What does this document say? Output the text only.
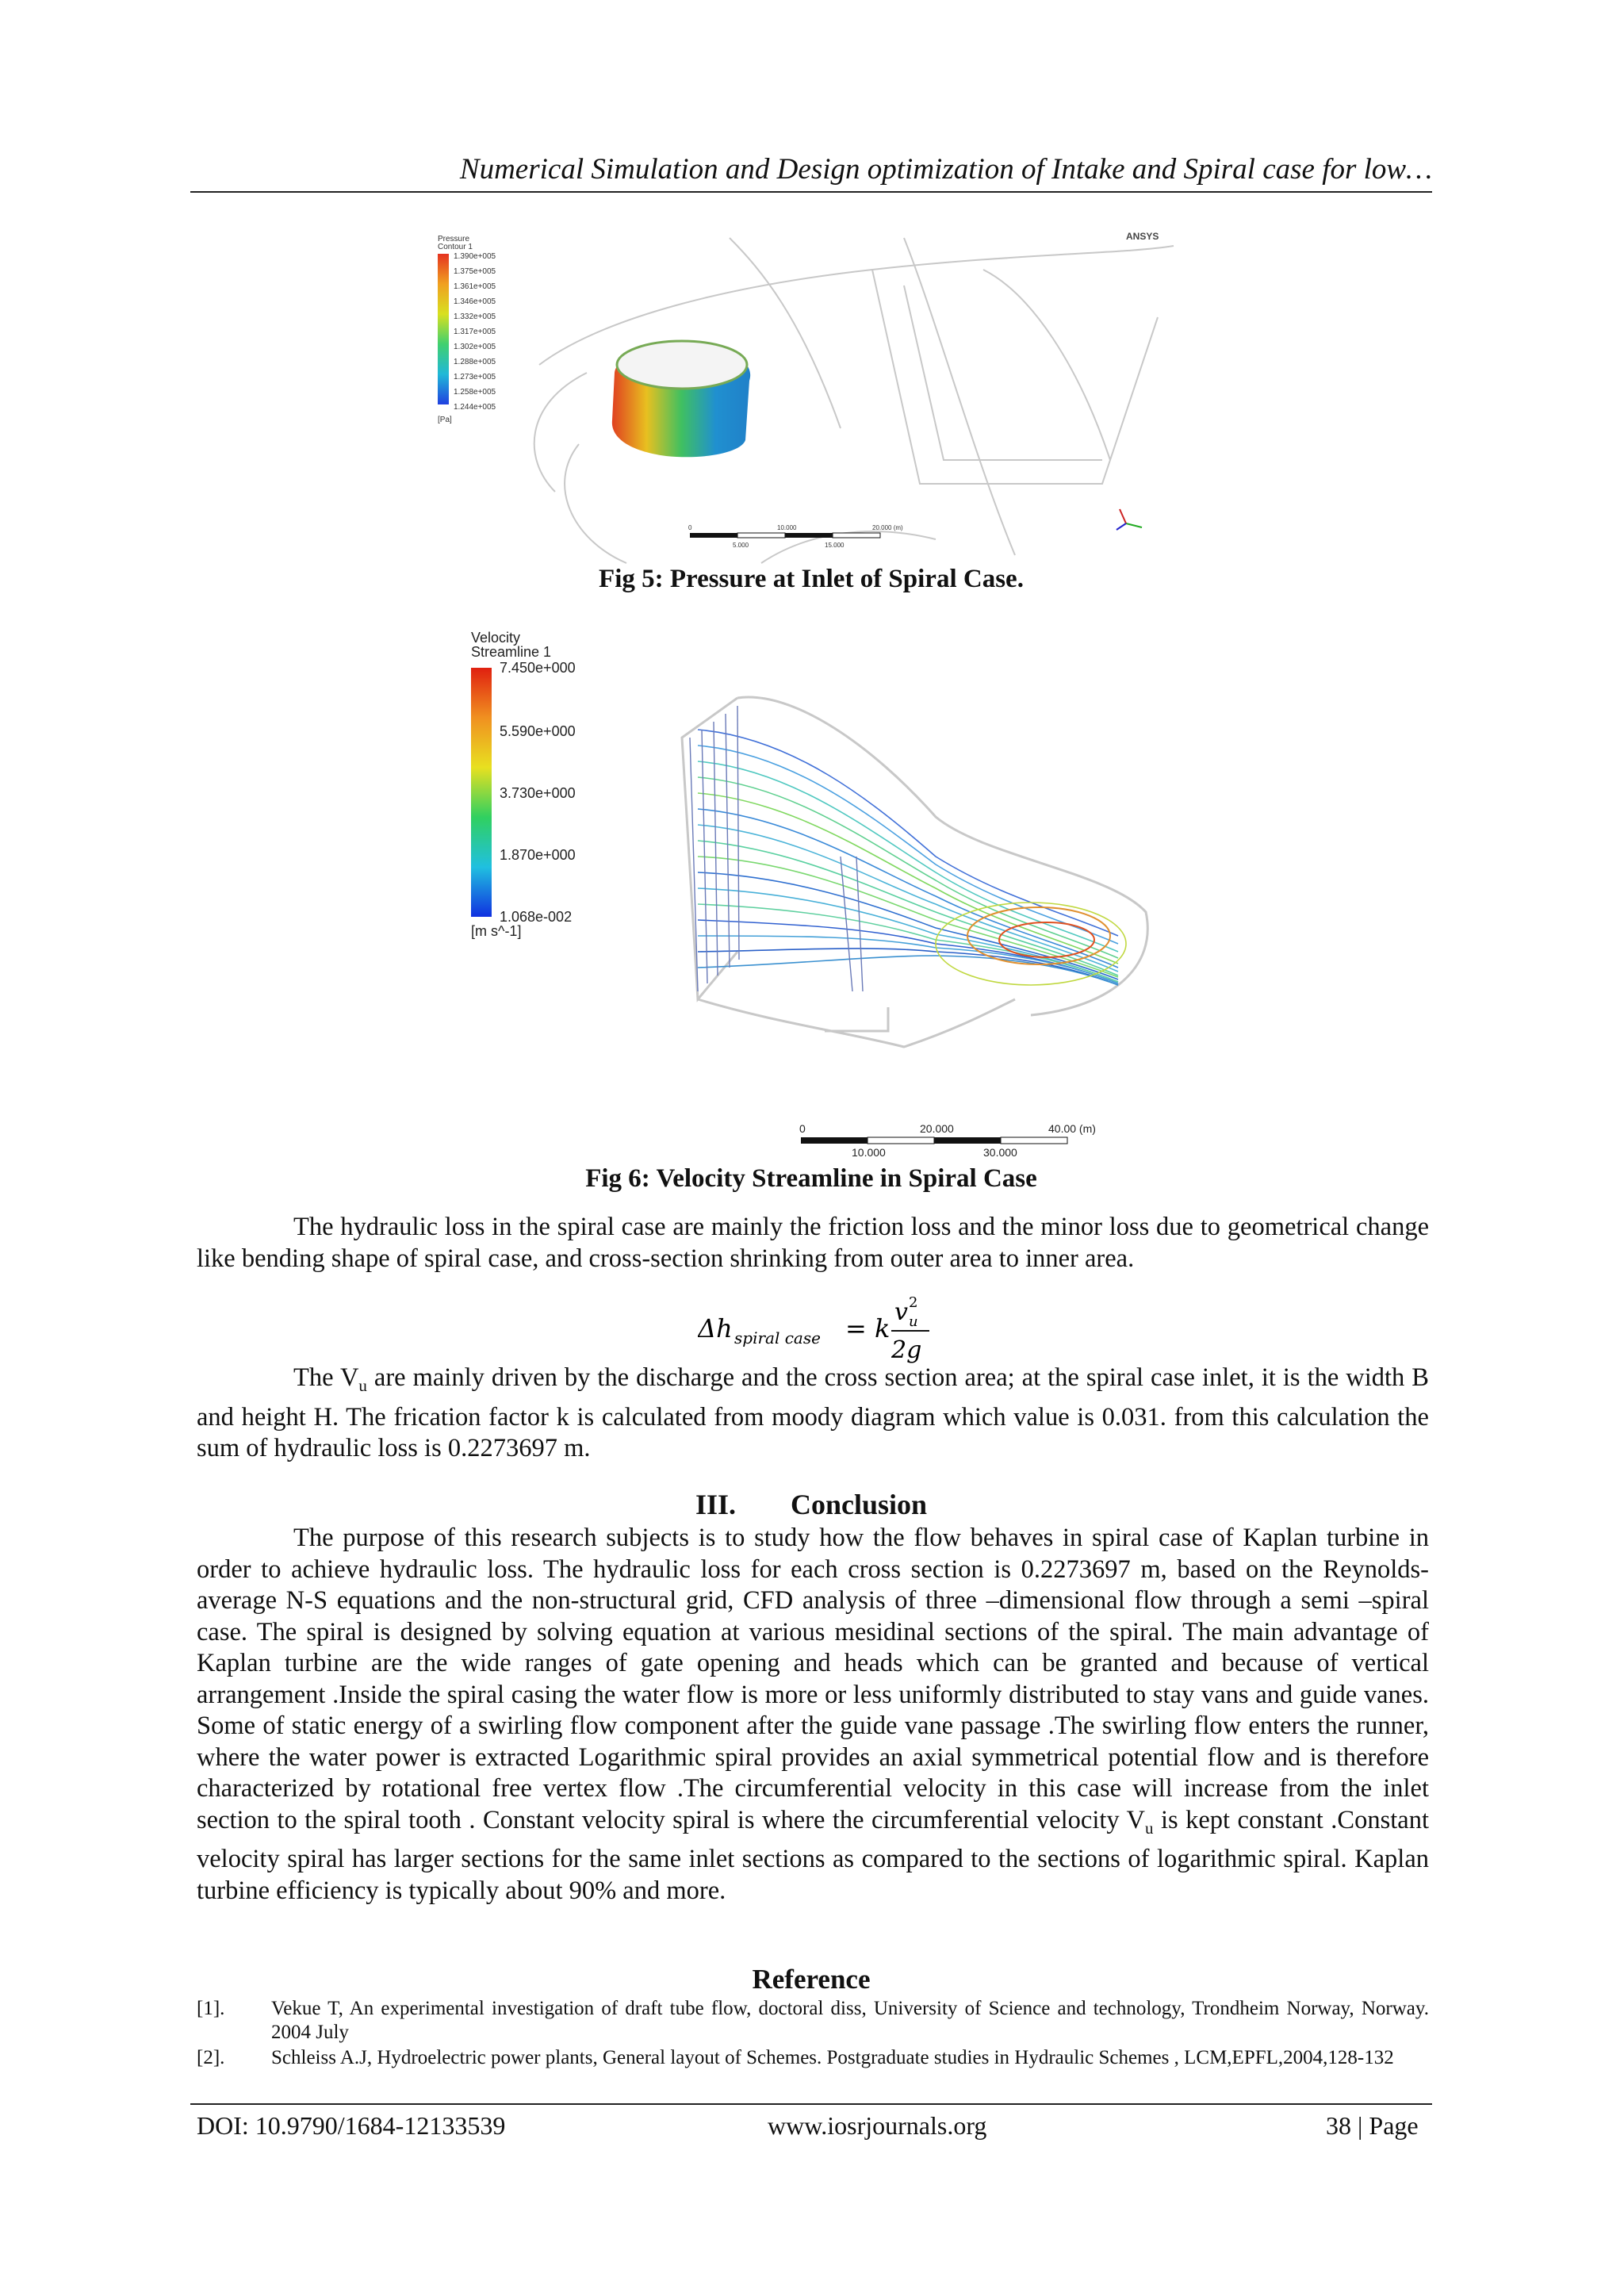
Numerical Simulation and Design optimization of Intake and Spiral case for low…
Pressure
Contour 1
1.390e+005
1.375e+005
1.361e+005
1.346e+005
1.332e+005
1.317e+005
1.302e+005
1.288e+005
1.273e+005
1.258e+005
1.244e+005
[Pa]
ANSYS
0	10.000	20.000 (m)
5.000	15.000
Fig 5: Pressure at Inlet of Spiral Case.
Velocity
Streamline 1
7.450e+000
5.590e+000
3.730e+000
1.870e+000
1.068e-002
[m s^-1]
0	20.000	40.00 (m)
10.000	30.000
Fig 6: Velocity Streamline in Spiral Case

The hydraulic loss in the spiral case are mainly the friction loss and the minor loss due to geometrical change like bending shape of spiral case, and cross-section shrinking from outer area to inner area.

Δh spiral case = k
v u
2
2g

The $V_u$ are mainly driven by the discharge and the cross section area; at the spiral case inlet, it is the width B and height H. The frication factor k is calculated from moody diagram which value is 0.031. from this calculation the sum of hydraulic loss is 0.2273697 m.

III. Conclusion

The purpose of this research subjects is to study how the flow behaves in spiral case of Kaplan turbine in order to achieve hydraulic loss. The hydraulic loss for each cross section is 0.2273697 m, based on the Reynolds-average N-S equations and the non-structural grid, CFD analysis of three –dimensional flow through a semi –spiral case. The spiral is designed by solving equation at various mesidinal sections of the spiral. The main advantage of Kaplan turbine are the wide ranges of gate opening and heads which can be granted and because of vertical arrangement .Inside the spiral casing the water flow is more or less uniformly distributed to stay vans and guide vanes. Some of static energy of a swirling flow component after the guide vane passage .The swirling flow enters the runner, where the water power is extracted Logarithmic spiral provides an axial symmetrical potential flow and is therefore characterized by rotational free vertex flow .The circumferential velocity in this case will increase from the inlet section to the spiral tooth . Constant velocity spiral is where the circumferential velocity $V_u$ is kept constant .Constant velocity spiral has larger sections for the same inlet sections as compared to the sections of logarithmic spiral. Kaplan turbine efficiency is typically about 90% and more.

Reference
[1]. Vekue T, An experimental investigation of draft tube flow, doctoral diss, University of Science and technology, Trondheim Norway, Norway. 2004 July
[2]. Schleiss A.J, Hydroelectric power plants, General layout of Schemes. Postgraduate studies in Hydraulic Schemes , LCM,EPFL,2004,128-132
DOI: 10.9790/1684-12133539	www.iosrjournals.org	38 | Page
